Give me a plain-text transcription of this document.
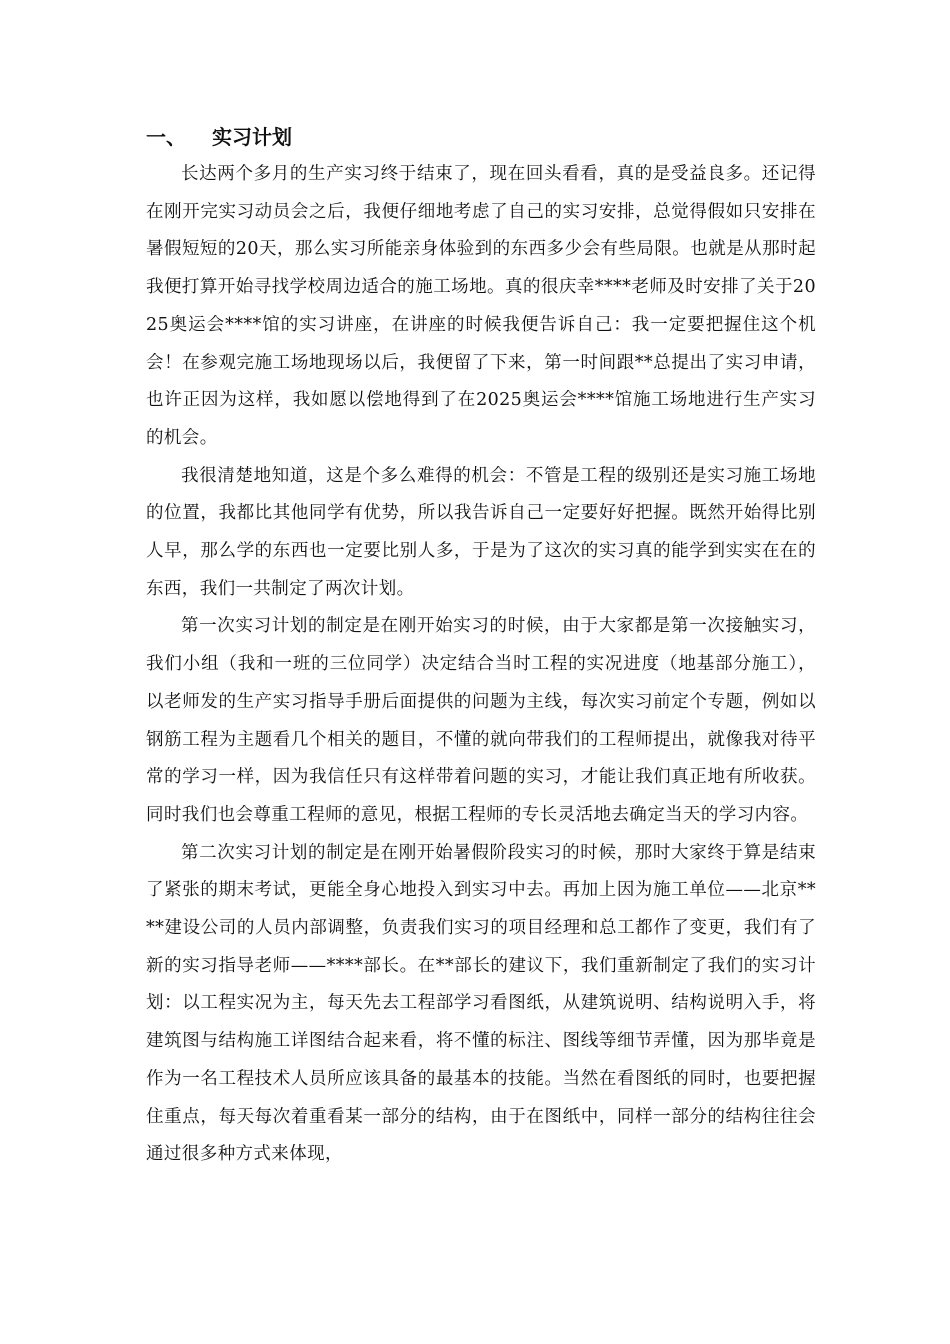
一、 实习计划

长达两个多月的生产实习终于结束了，现在回头看看，真的是受益良多。还记得在刚开完实习动员会之后，我便仔细地考虑了自己的实习安排，总觉得假如只安排在暑假短短的20天，那么实习所能亲身体验到的东西多少会有些局限。也就是从那时起我便打算开始寻找学校周边适合的施工场地。真的很庆幸****老师及时安排了关于2025奥运会****馆的实习讲座，在讲座的时候我便告诉自己：我一定要把握住这个机会！在参观完施工场地现场以后，我便留了下来，第一时间跟**总提出了实习申请，也许正因为这样，我如愿以偿地得到了在2025奥运会****馆施工场地进行生产实习的机会。

我很清楚地知道，这是个多么难得的机会：不管是工程的级别还是实习施工场地的位置，我都比其他同学有优势，所以我告诉自己一定要好好把握。既然开始得比别人早，那么学的东西也一定要比别人多，于是为了这次的实习真的能学到实实在在的东西，我们一共制定了两次计划。

第一次实习计划的制定是在刚开始实习的时候，由于大家都是第一次接触实习，我们小组（我和一班的三位同学）决定结合当时工程的实况进度（地基部分施工），以老师发的生产实习指导手册后面提供的问题为主线，每次实习前定个专题，例如以钢筋工程为主题看几个相关的题目，不懂的就向带我们的工程师提出，就像我对待平常的学习一样，因为我信任只有这样带着问题的实习，才能让我们真正地有所收获。同时我们也会尊重工程师的意见，根据工程师的专长灵活地去确定当天的学习内容。

第二次实习计划的制定是在刚开始暑假阶段实习的时候，那时大家终于算是结束了紧张的期末考试，更能全身心地投入到实习中去。再加上因为施工单位——北京****建设公司的人员内部调整，负责我们实习的项目经理和总工都作了变更，我们有了新的实习指导老师——****部长。在**部长的建议下，我们重新制定了我们的实习计划：以工程实况为主，每天先去工程部学习看图纸，从建筑说明、结构说明入手，将建筑图与结构施工详图结合起来看，将不懂的标注、图线等细节弄懂，因为那毕竟是作为一名工程技术人员所应该具备的最基本的技能。当然在看图纸的同时，也要把握住重点，每天每次着重看某一部分的结构，由于在图纸中，同样一部分的结构往往会通过很多种方式来体现，
